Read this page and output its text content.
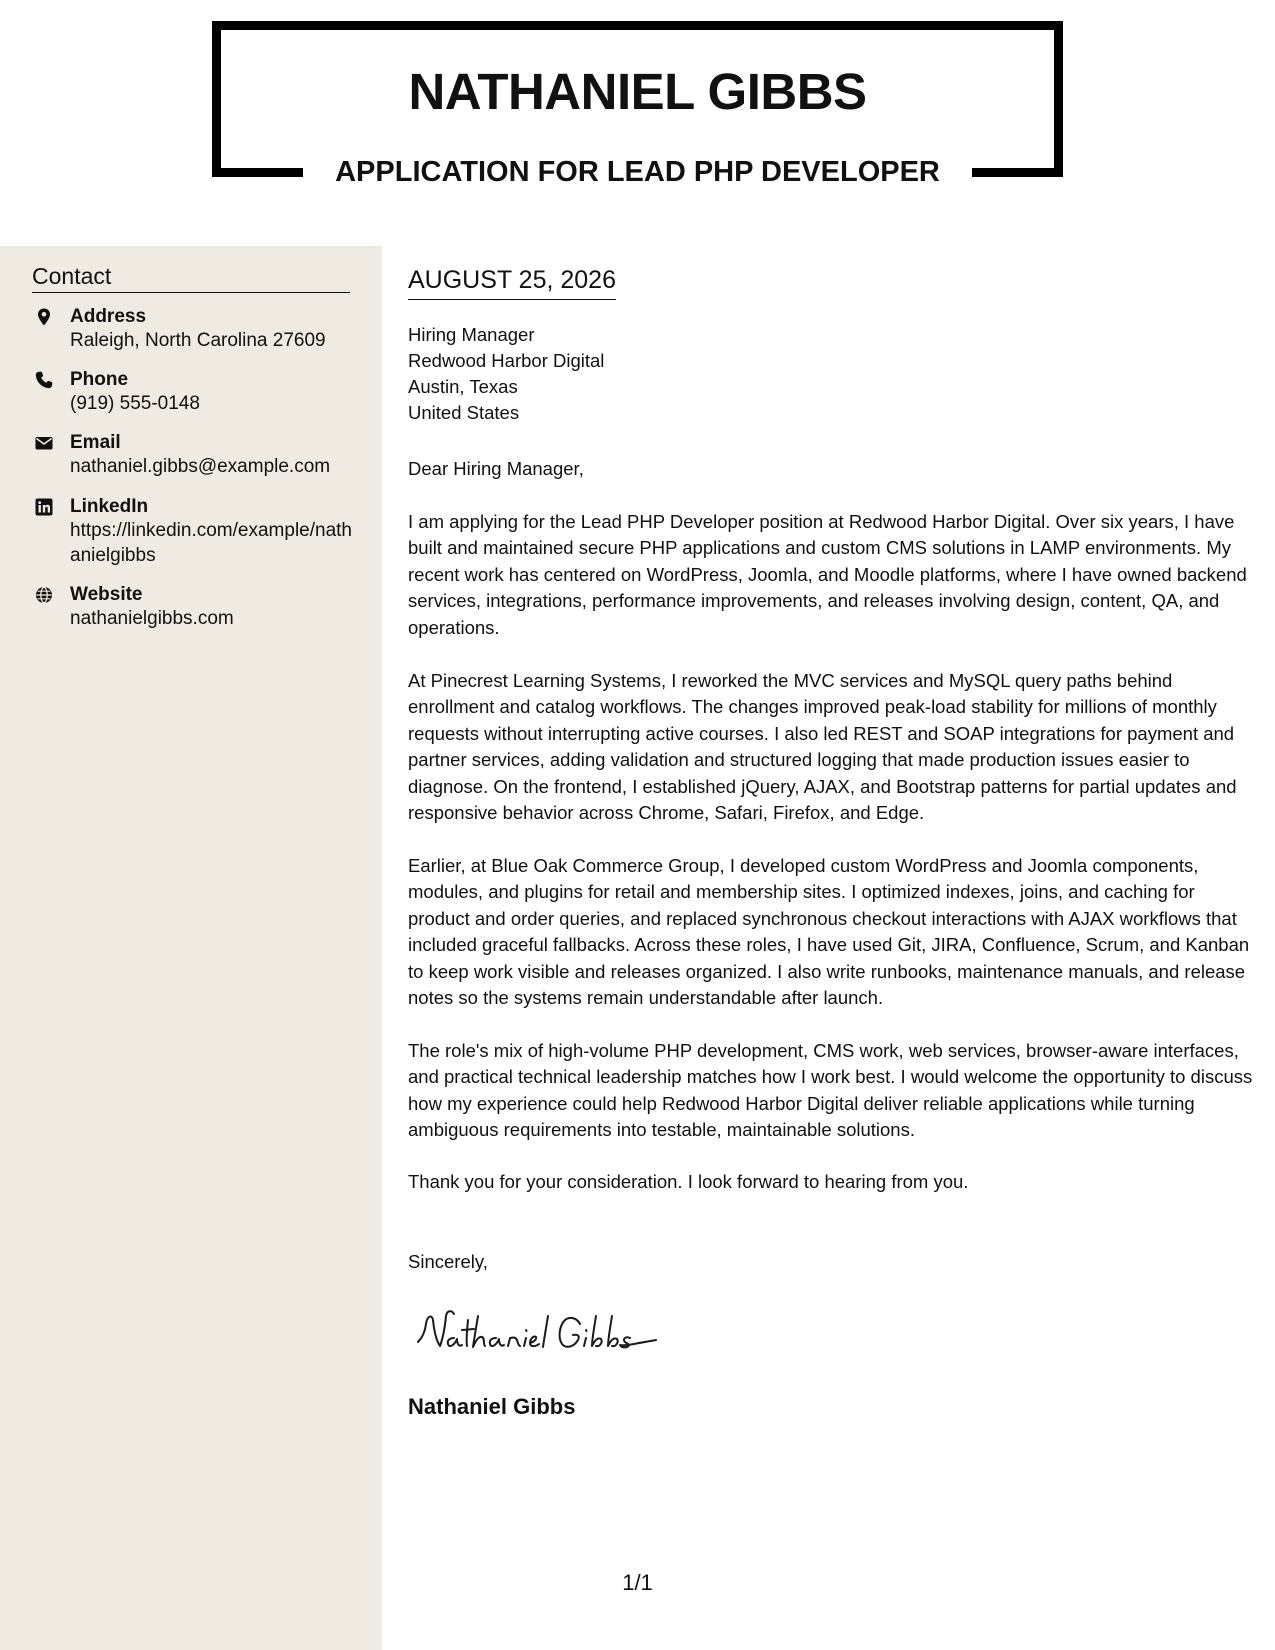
NATHANIEL GIBBS
APPLICATION FOR LEAD PHP DEVELOPER
Contact
Address
Raleigh, North Carolina 27609
Phone
(919) 555-0148
Email
nathaniel.gibbs@example.com
LinkedIn
https://linkedin.com/example/nathanielgibbs
Website
nathanielgibbs.com
AUGUST 25, 2026
Hiring Manager
Redwood Harbor Digital
Austin, Texas
United States

Dear Hiring Manager,

I am applying for the Lead PHP Developer position at Redwood Harbor Digital. Over six years, I have built and maintained secure PHP applications and custom CMS solutions in LAMP environments. My recent work has centered on WordPress, Joomla, and Moodle platforms, where I have owned backend services, integrations, performance improvements, and releases involving design, content, QA, and operations.

At Pinecrest Learning Systems, I reworked the MVC services and MySQL query paths behind enrollment and catalog workflows. The changes improved peak-load stability for millions of monthly requests without interrupting active courses. I also led REST and SOAP integrations for payment and partner services, adding validation and structured logging that made production issues easier to diagnose. On the frontend, I established jQuery, AJAX, and Bootstrap patterns for partial updates and responsive behavior across Chrome, Safari, Firefox, and Edge.

Earlier, at Blue Oak Commerce Group, I developed custom WordPress and Joomla components, modules, and plugins for retail and membership sites. I optimized indexes, joins, and caching for product and order queries, and replaced synchronous checkout interactions with AJAX workflows that included graceful fallbacks. Across these roles, I have used Git, JIRA, Confluence, Scrum, and Kanban to keep work visible and releases organized. I also write runbooks, maintenance manuals, and release notes so the systems remain understandable after launch.

The role's mix of high-volume PHP development, CMS work, web services, browser-aware interfaces, and practical technical leadership matches how I work best. I would welcome the opportunity to discuss how my experience could help Redwood Harbor Digital deliver reliable applications while turning ambiguous requirements into testable, maintainable solutions.

Thank you for your consideration. I look forward to hearing from you.

Sincerely,

Nathaniel Gibbs
1/1
